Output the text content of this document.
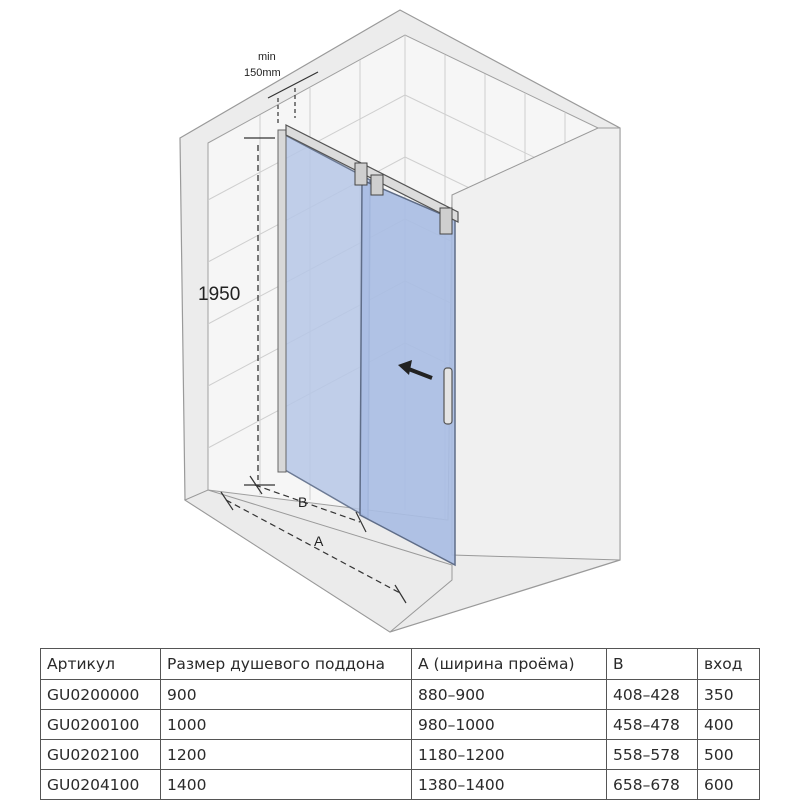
1950
min
150mm
B
A
Артикул	Размер душевого поддона	A (ширина проёма)	B	вход
GU0200000	900	880–900	408–428	350
GU0200100	1000	980–1000	458–478	400
GU0202100	1200	1180–1200	558–578	500
GU0204100	1400	1380–1400	658–678	600
